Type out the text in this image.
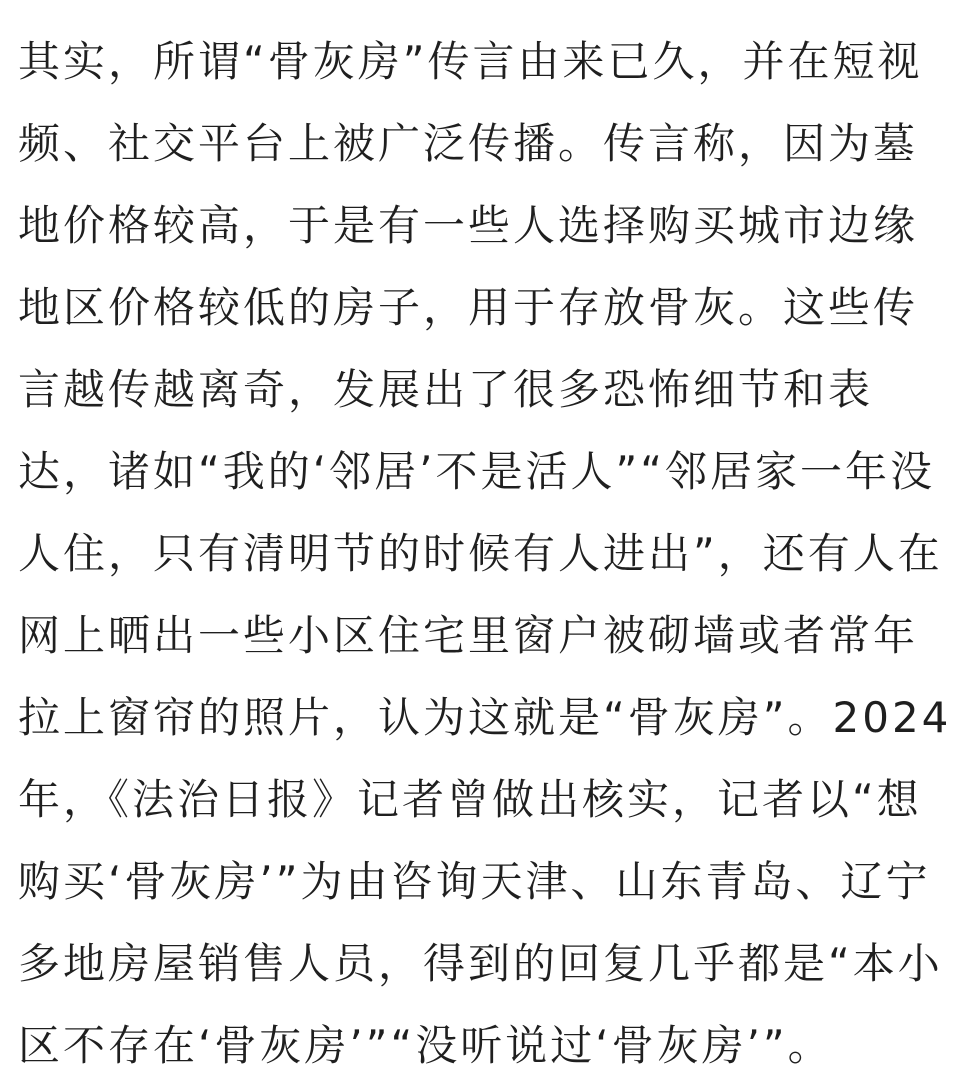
其实，所谓“骨灰房”传言由来已久，并在短视
频、社交平台上被广泛传播。传言称，因为墓
地价格较高，于是有一些人选择购买城市边缘
地区价格较低的房子，用于存放骨灰。这些传
言越传越离奇，发展出了很多恐怖细节和表
达，诸如“我的‘邻居’不是活人”“邻居家一年没
人住，只有清明节的时候有人进出”，还有人在
网上晒出一些小区住宅里窗户被砌墙或者常年
拉上窗帘的照片，认为这就是“骨灰房”。2024
年，《法治日报》记者曾做出核实，记者以“想
购买‘骨灰房’”为由咨询天津、山东青岛、辽宁
多地房屋销售人员，得到的回复几乎都是“本小
区不存在‘骨灰房’”“没听说过‘骨灰房’”。
